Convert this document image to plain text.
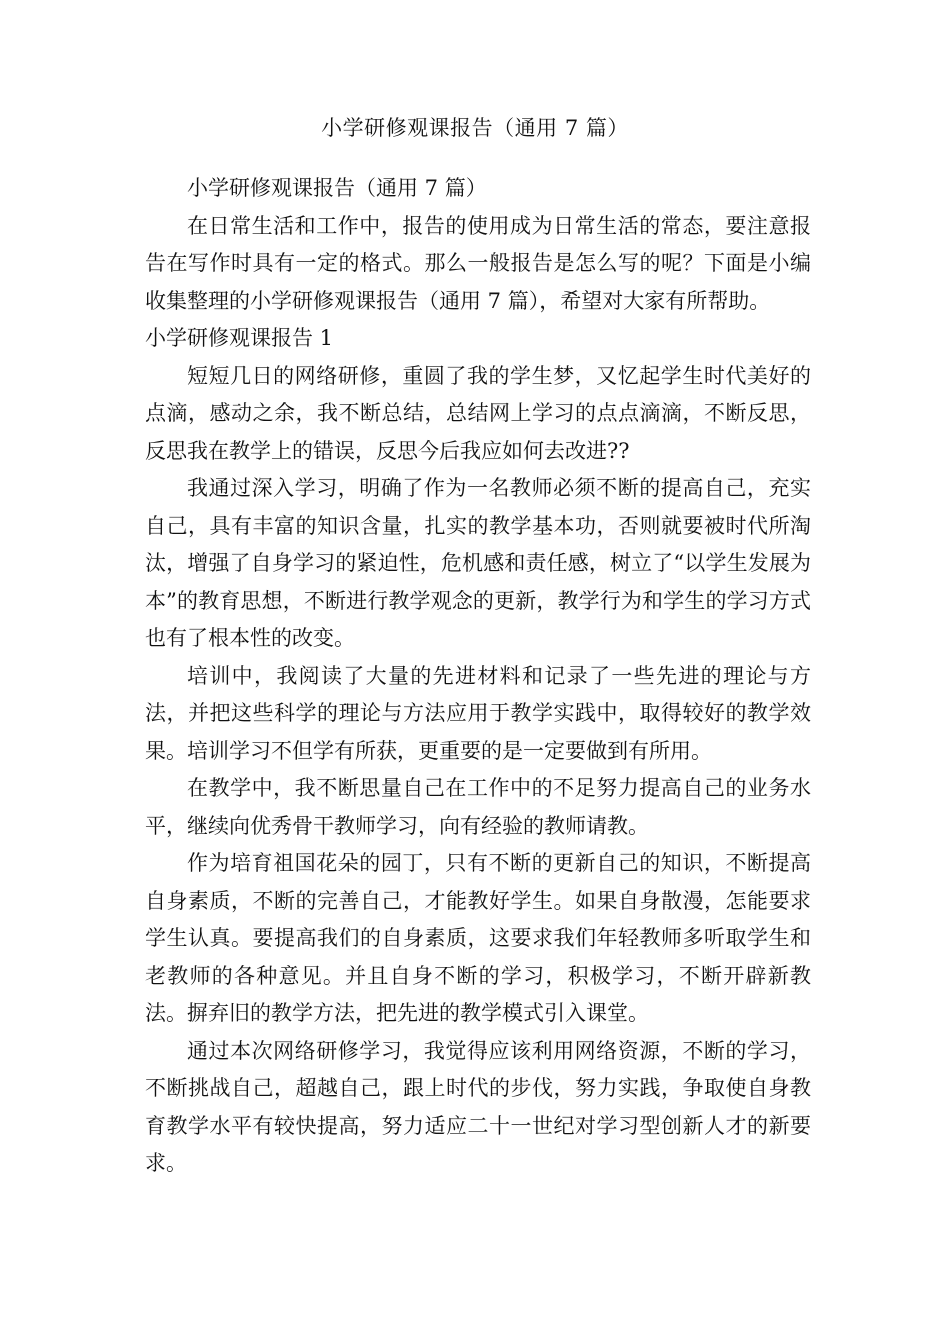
小学研修观课报告（通用 7 篇）

小学研修观课报告（通用 7 篇）

在日常生活和工作中，报告的使用成为日常生活的常态，要注意报告在写作时具有一定的格式。那么一般报告是怎么写的呢？下面是小编收集整理的小学研修观课报告（通用 7 篇），希望对大家有所帮助。

小学研修观课报告 1

短短几日的网络研修，重圆了我的学生梦，又忆起学生时代美好的点滴，感动之余，我不断总结，总结网上学习的点点滴滴，不断反思，反思我在教学上的错误，反思今后我应如何去改进??

我通过深入学习，明确了作为一名教师必须不断的提高自己，充实自己，具有丰富的知识含量，扎实的教学基本功，否则就要被时代所淘汰，增强了自身学习的紧迫性，危机感和责任感，树立了“以学生发展为本”的教育思想，不断进行教学观念的更新，教学行为和学生的学习方式也有了根本性的改变。

培训中，我阅读了大量的先进材料和记录了一些先进的理论与方法，并把这些科学的理论与方法应用于教学实践中，取得较好的教学效果。培训学习不但学有所获，更重要的是一定要做到有所用。

在教学中，我不断思量自己在工作中的不足努力提高自己的业务水平，继续向优秀骨干教师学习，向有经验的教师请教。

作为培育祖国花朵的园丁，只有不断的更新自己的知识，不断提高自身素质，不断的完善自己，才能教好学生。如果自身散漫，怎能要求学生认真。要提高我们的自身素质，这要求我们年轻教师多听取学生和老教师的各种意见。并且自身不断的学习，积极学习，不断开辟新教法。摒弃旧的教学方法，把先进的教学模式引入课堂。

通过本次网络研修学习，我觉得应该利用网络资源，不断的学习，不断挑战自己，超越自己，跟上时代的步伐，努力实践，争取使自身教育教学水平有较快提高，努力适应二十一世纪对学习型创新人才的新要求。
